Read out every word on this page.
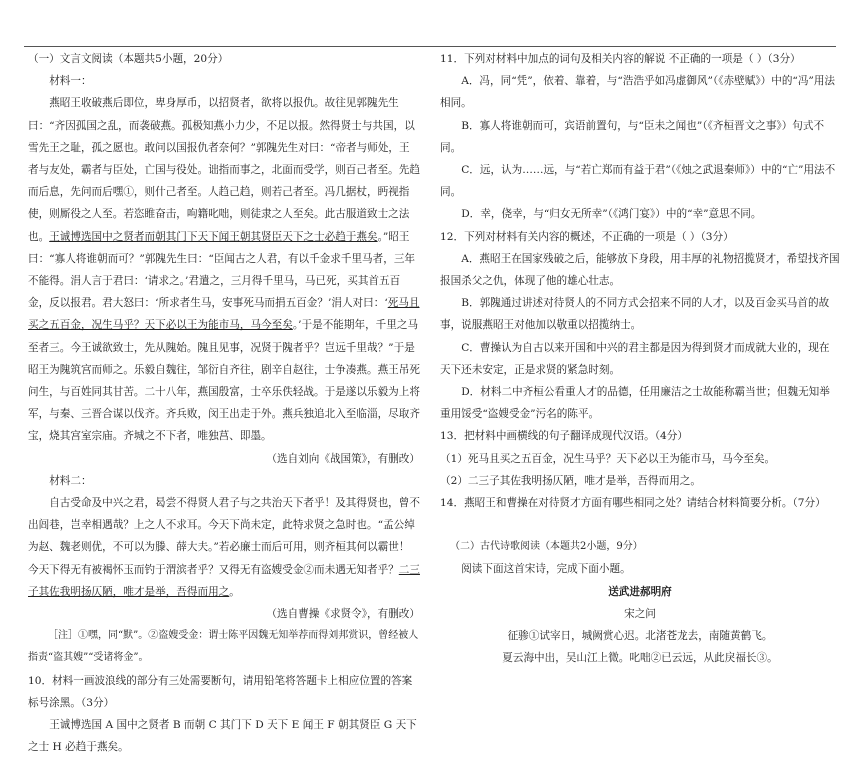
（一）文言文阅读（本题共5小题，20分）

材料一：

燕昭王收破燕后即位，卑身厚币，以招贤者，欲将以报仇。故往见郭隗先生曰：“齐因孤国之乱，而袭破燕。孤极知燕小力少，不足以报。然得贤士与共国，以雪先王之耻，孤之愿也。敢问以国报仇者奈何？”郭隗先生对曰：“帝者与师处，王者与友处，霸者与臣处，亡国与役处。诎指而事之，北面而受学，则百己者至。先趋而后息，先问而后嘿①，则什己者至。人趋己趋，则若己者至。冯几据杖，眄视指使，则厮役之人至。若恣睢奋击，呴籍叱咄，则徒隶之人至矣。此古服道致士之法也。王诚博选国中之贤者而朝其门下天下闻王朝其贤臣天下之士必趋于燕矣。”昭王曰：“寡人将谁朝而可？”郭隗先生曰：“臣闻古之人君，有以千金求千里马者，三年不能得。涓人言于君曰：‘请求之。’君遣之，三月得千里马，马已死，买其首五百金，反以报君。君大怒曰：‘所求者生马，安事死马而捐五百金？’涓人对曰：‘死马且买之五百金，况生马乎？天下必以王为能市马，马今至矣。’于是不能期年，千里之马至者三。今王诚欲致士，先从隗始。隗且见事，况贤于隗者乎？岂远千里哉？”于是昭王为隗筑宫而师之。乐毅自魏往，邹衍自齐往，剧辛自赵往，士争凑燕。燕王吊死问生，与百姓同其甘苦。二十八年，燕国殷富，士卒乐佚轻战。于是遂以乐毅为上将军，与秦、三晋合谋以伐齐。齐兵败，闵王出走于外。燕兵独追北入至临淄，尽取齐宝，烧其宫室宗庙。齐城之不下者，唯独莒、即墨。

（选自刘向《战国策》，有删改）

材料二：

自古受命及中兴之君，曷尝不得贤人君子与之共治天下者乎！及其得贤也，曾不出闾巷，岂幸相遇哉？上之人不求耳。今天下尚未定，此特求贤之急时也。“孟公绰为赵、魏老则优，不可以为滕、薛大夫。”若必廉士而后可用，则齐桓其何以霸世！今天下得无有被褐怀玉而钓于渭滨者乎？又得无有盗嫂受金②而未遇无知者乎？二三子其佐我明扬仄陋，唯才是举，吾得而用之。

（选自曹操《求贤令》，有删改）

［注］①嘿，同“默”。②盗嫂受金：谓士陈平因魏无知举荐而得刘邦赏识，曾经被人指责“盗其嫂”“受诸将金”。

10．材料一画波浪线的部分有三处需要断句，请用铅笔将答题卡上相应位置的答案标号涂黑。（3分）

王诚博选国 A 国中之贤者 B 而朝 C 其门下 D 天下 E 闻王 F 朝其贤臣 G 天下之士 H 必趋于燕矣。

11．下列对材料中加点的词句及相关内容的解说 不正确的一项是（ ）（3分）

A．冯，同“凭”，依着、靠着，与“浩浩乎如冯虚御风”（《赤壁赋》）中的“冯”用法相同。

B．寡人将谁朝而可，宾语前置句，与“臣未之闻也”（《齐桓晋文之事》）句式不同。

C．远，认为……远，与“若亡郑而有益于君”（《烛之武退秦师》）中的“亡”用法不同。

D．幸，侥幸，与“归女无所幸”（《鸿门宴》）中的“幸”意思不同。

12．下列对材料有关内容的概述，不正确的一项是（ ）（3分）

A．燕昭王在国家残破之后，能够放下身段，用丰厚的礼物招揽贤才，希望找齐国报国杀父之仇，体现了他的雄心壮志。

B．郭隗通过讲述对待贤人的不同方式会招来不同的人才，以及百金买马首的故事，说服燕昭王对他加以敬重以招揽纳士。

C．曹操认为自古以来开国和中兴的君主都是因为得到贤才而成就大业的，现在天下还未安定，正是求贤的紧急时刻。

D．材料二中齐桓公看重人才的品德，任用廉洁之士故能称霸当世；但魏无知举重用馁受“盗嫂受金”污名的陈平。

13．把材料中画横线的句子翻译成现代汉语。（4分）

（1）死马且买之五百金，况生马乎？天下必以王为能市马，马今至矣。

（2）二三子其佐我明扬仄陋，唯才是举，吾得而用之。

14．燕昭王和曹操在对待贤才方面有哪些相同之处？请结合材料简要分析。（7分）

（二）古代诗歌阅读（本题共2小题，9分）

阅读下面这首宋诗，完成下面小题。

送武进郝明府

宋之问

征骖①试宰日，城阙赏心迟。北渚苍龙去，南随黄鹤飞。

夏云海中出，吴山江上微。叱咄②已云远，从此戾福长③。
